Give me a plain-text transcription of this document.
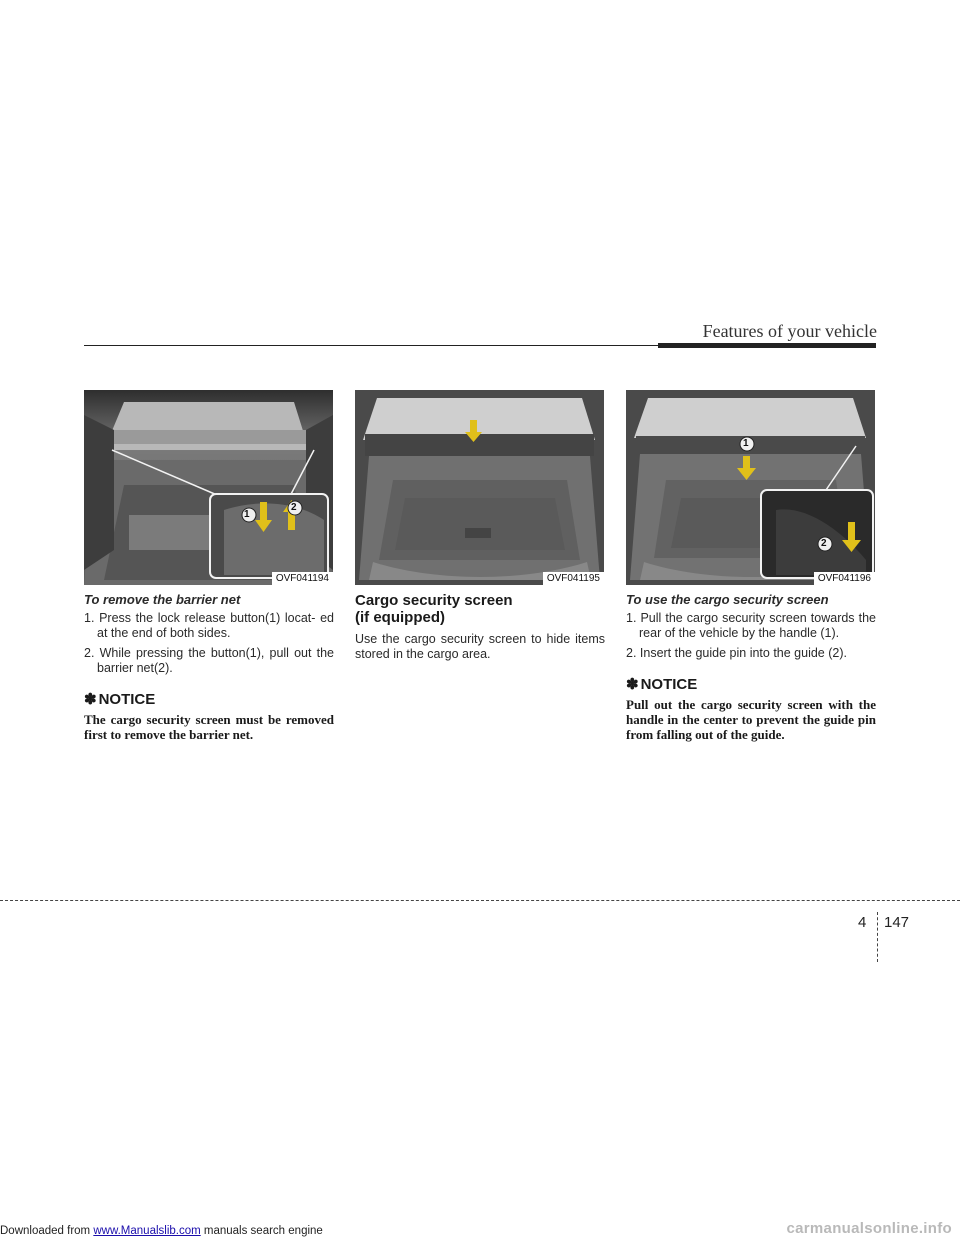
Features of your vehicle
1
2
OVF041194	OVF041195
1
2
OVF041196
To remove the barrier net
1. Press the lock release button(1) locat- ed at the end of both sides.
2. While pressing the button(1), pull out the barrier net(2).
✽ NOTICE

The cargo security screen must be removed first to remove the barrier net.

Cargo security screen
(if equipped)

Use the cargo security screen to hide items stored in the cargo area.

To use the cargo security screen
1. Pull the cargo security screen towards the rear of the vehicle by the handle (1).
2. Insert the guide pin into the guide (2).
✽ NOTICE

Pull out the cargo security screen with the handle in the center to prevent the guide pin from falling out of the guide.

4 147
Downloaded from www.Manualslib.com manuals search engine	carmanualsonline.info
